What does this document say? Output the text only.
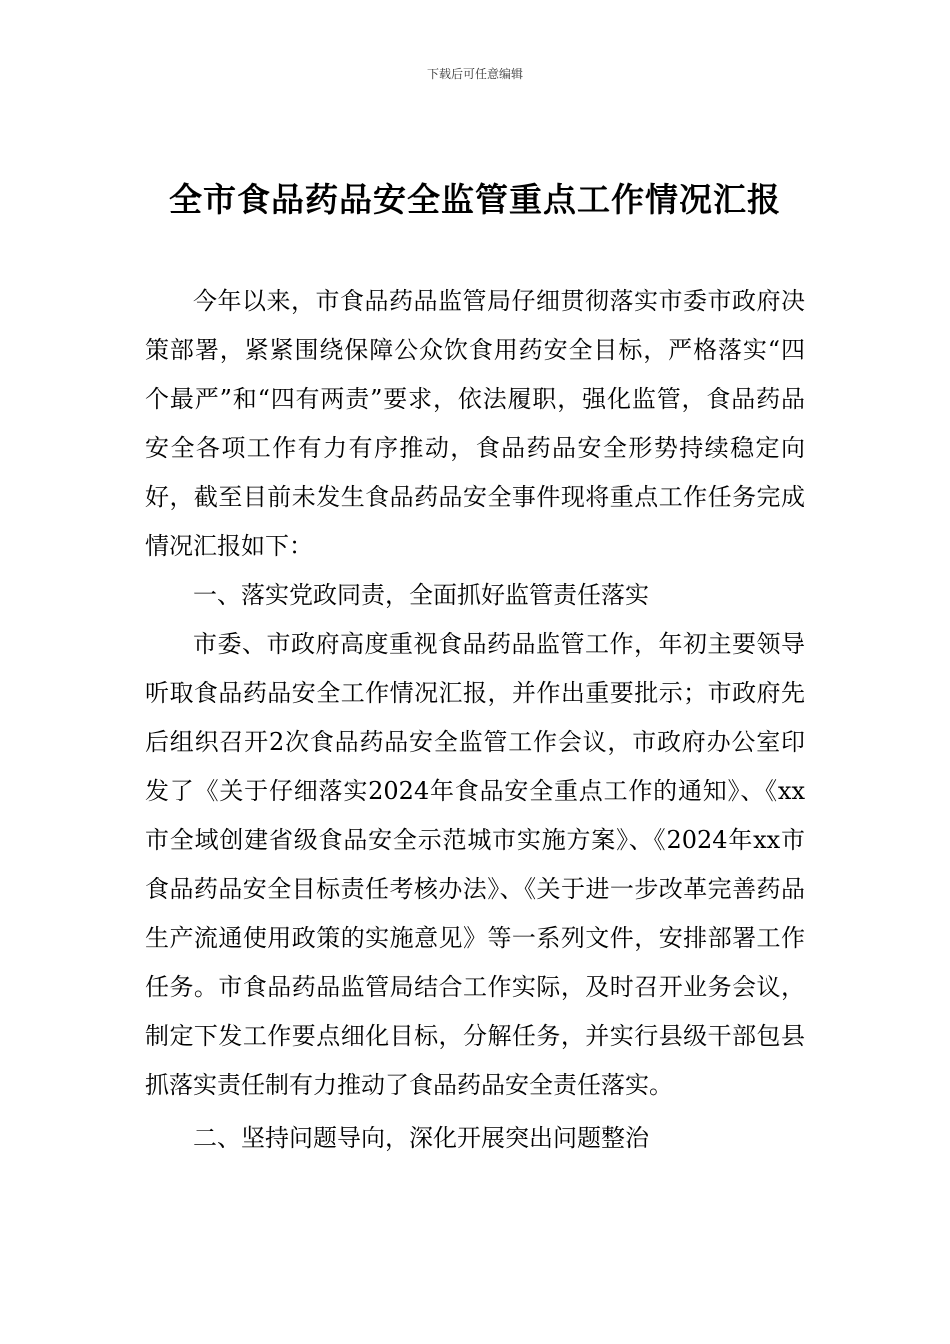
下载后可任意编辑
全市食品药品安全监管重点工作情况汇报

今年以来，市食品药品监管局仔细贯彻落实市委市政府决策部署，紧紧围绕保障公众饮食用药安全目标，严格落实“四个最严”和“四有两责”要求，依法履职，强化监管，食品药品安全各项工作有力有序推动，食品药品安全形势持续稳定向好，截至目前未发生食品药品安全事件现将重点工作任务完成情况汇报如下：

一、落实党政同责，全面抓好监管责任落实

市委、市政府高度重视食品药品监管工作，年初主要领导听取食品药品安全工作情况汇报，并作出重要批示；市政府先后组织召开2次食品药品安全监管工作会议，市政府办公室印发了《关于仔细落实2024年食品安全重点工作的通知》、《xx市全域创建省级食品安全示范城市实施方案》、《2024年xx市食品药品安全目标责任考核办法》、《关于进一步改革完善药品生产流通使用政策的实施意见》等一系列文件，安排部署工作任务。市食品药品监管局结合工作实际，及时召开业务会议，制定下发工作要点细化目标，分解任务，并实行县级干部包县抓落实责任制有力推动了食品药品安全责任落实。

二、坚持问题导向，深化开展突出问题整治
